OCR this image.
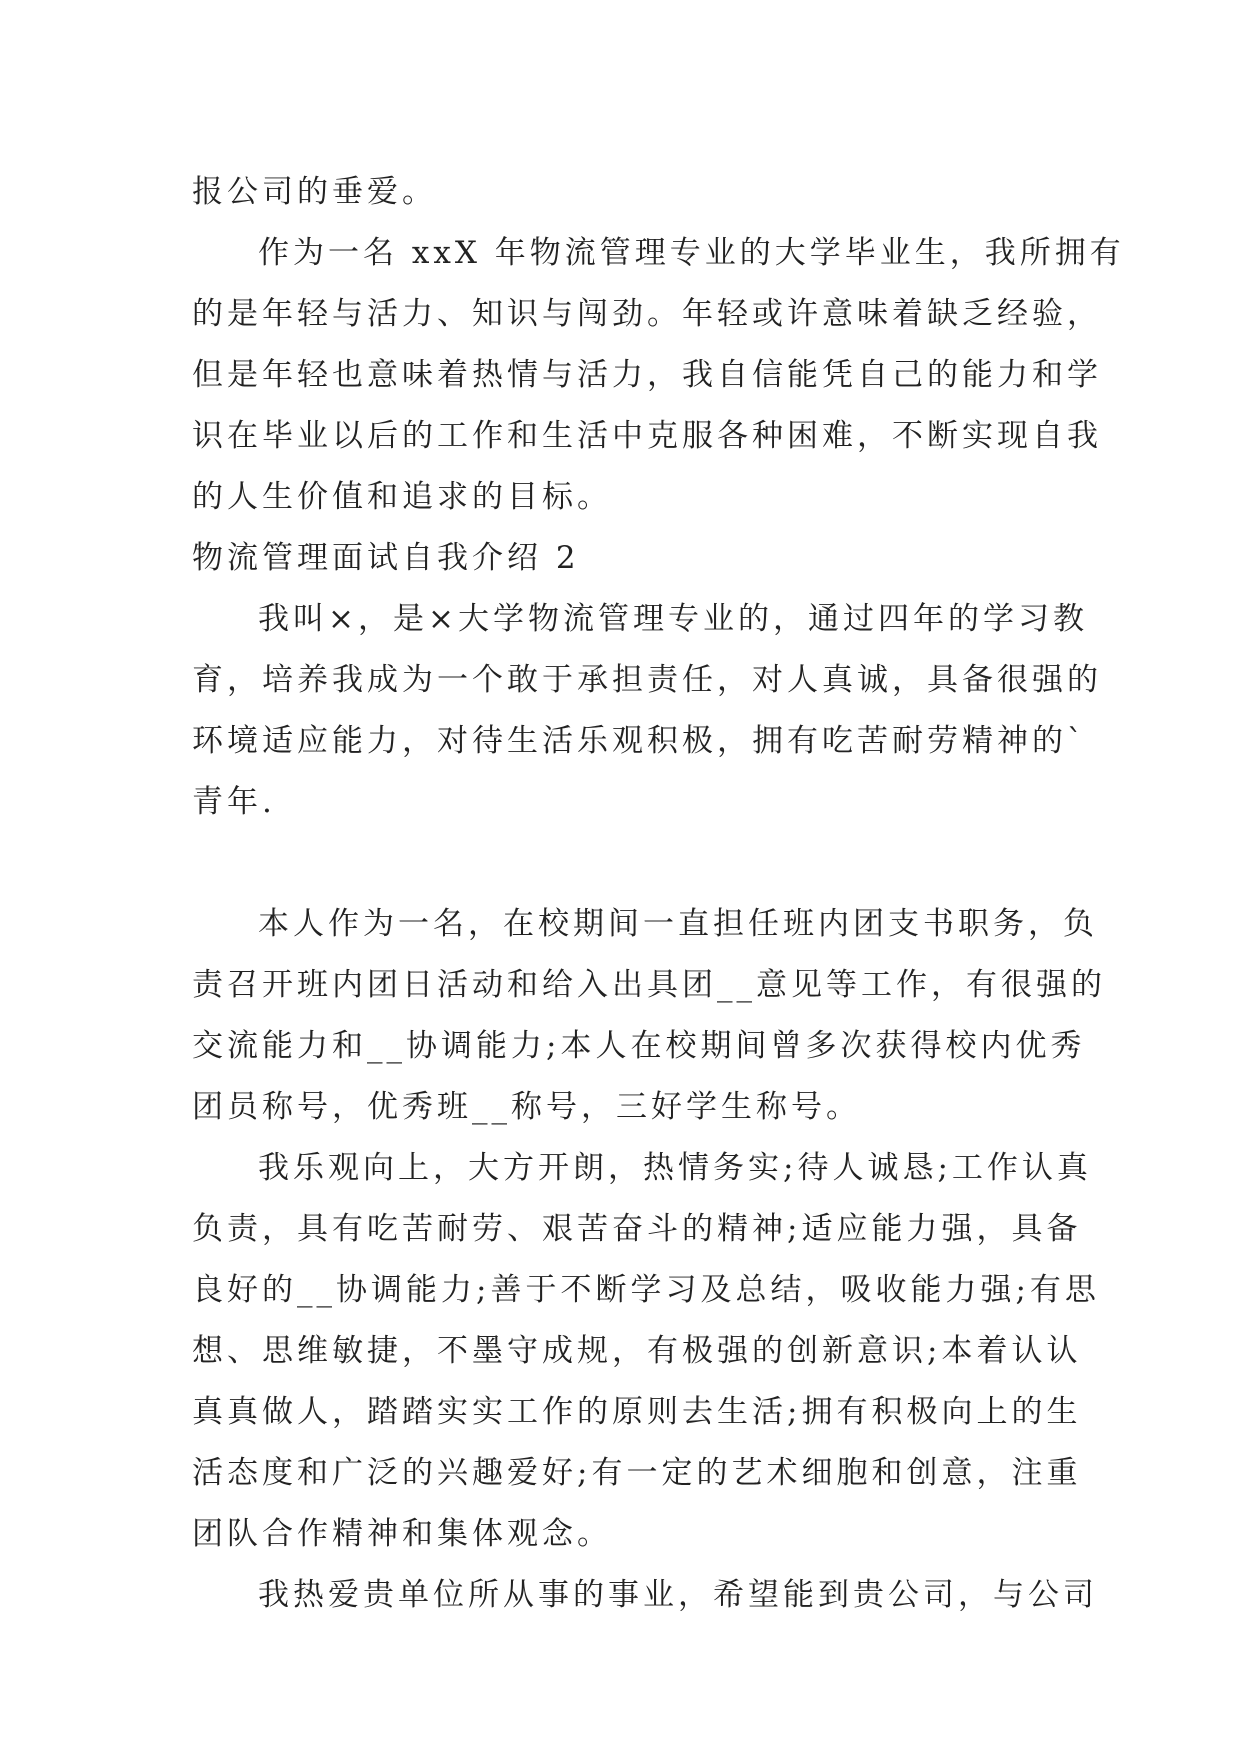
报公司的垂爱。

作为一名 xxX 年物流管理专业的大学毕业生，我所拥有

的是年轻与活力、知识与闯劲。年轻或许意味着缺乏经验，

但是年轻也意味着热情与活力，我自信能凭自己的能力和学

识在毕业以后的工作和生活中克服各种困难，不断实现自我

的人生价值和追求的目标。

物流管理面试自我介绍 2

我叫×，是×大学物流管理专业的，通过四年的学习教

育，培养我成为一个敢于承担责任，对人真诚，具备很强的

环境适应能力，对待生活乐观积极，拥有吃苦耐劳精神的`

青年.

本人作为一名，在校期间一直担任班内团支书职务，负

责召开班内团日活动和给入出具团__意见等工作，有很强的

交流能力和__协调能力;本人在校期间曾多次获得校内优秀

团员称号，优秀班__称号，三好学生称号。

我乐观向上，大方开朗，热情务实;待人诚恳;工作认真

负责，具有吃苦耐劳、艰苦奋斗的精神;适应能力强，具备

良好的__协调能力;善于不断学习及总结，吸收能力强;有思

想、思维敏捷，不墨守成规，有极强的创新意识;本着认认

真真做人，踏踏实实工作的原则去生活;拥有积极向上的生

活态度和广泛的兴趣爱好;有一定的艺术细胞和创意，注重

团队合作精神和集体观念。

我热爱贵单位所从事的事业，希望能到贵公司，与公司
